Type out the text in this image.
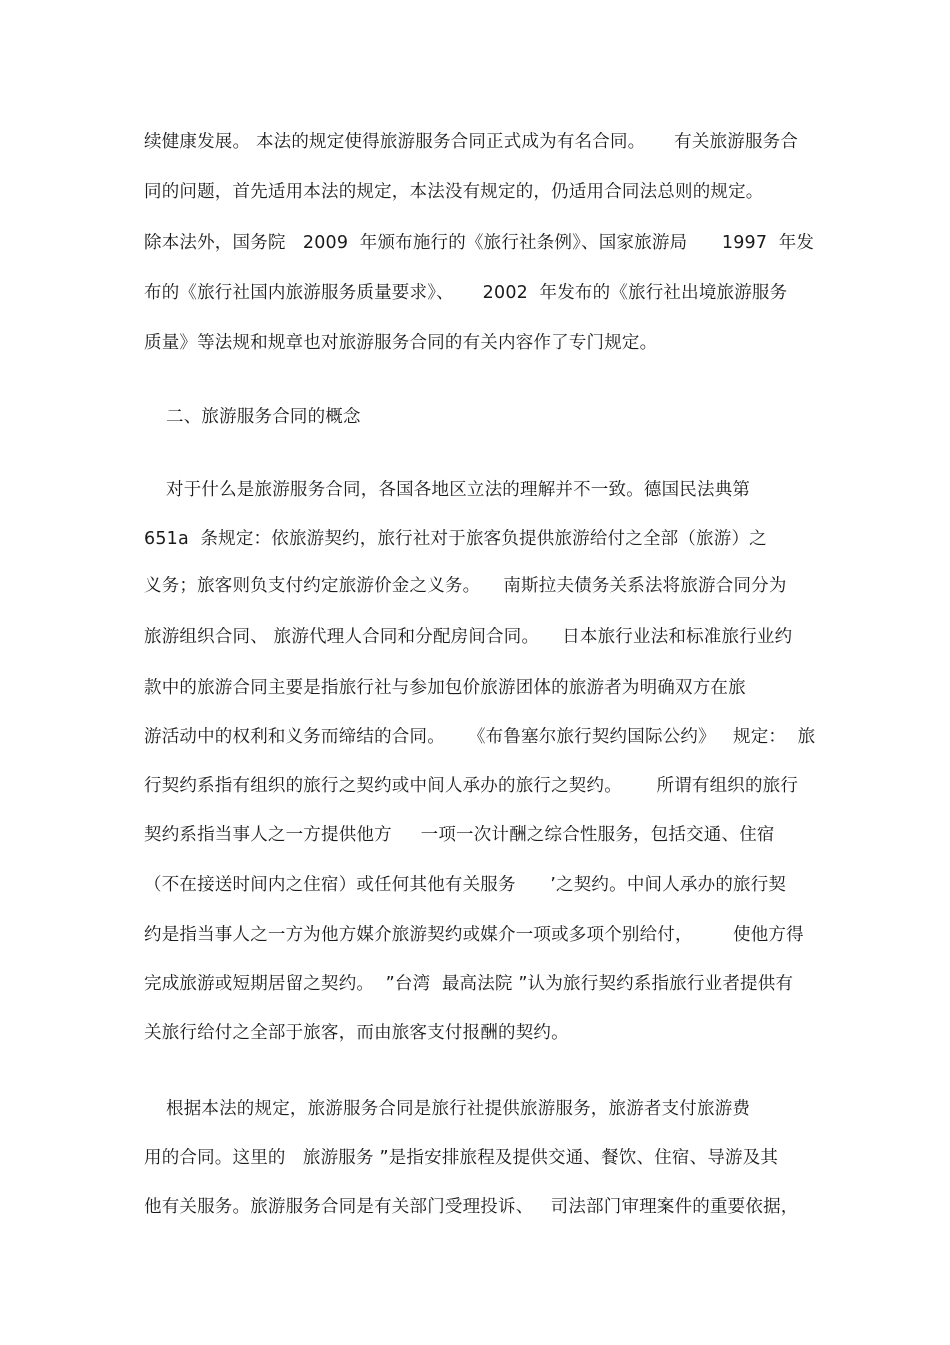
续健康发展。 本法的规定使得旅游服务合同正式成为有名合同。     有关旅游服务合
同的问题，首先适用本法的规定，本法没有规定的，仍适用合同法总则的规定。
除本法外，国务院   2009  年颁布施行的《旅行社条例》、国家旅游局      1997  年发
布的《旅行社国内旅游服务质量要求》、     2002  年发布的《旅行社出境旅游服务
质量》等法规和规章也对旅游服务合同的有关内容作了专门规定。
二、旅游服务合同的概念
对于什么是旅游服务合同，各国各地区立法的理解并不一致。德国民法典第
651a  条规定：依旅游契约，旅行社对于旅客负提供旅游给付之全部（旅游）之
义务；旅客则负支付约定旅游价金之义务。    南斯拉夫债务关系法将旅游合同分为
旅游组织合同、 旅游代理人合同和分配房间合同。    日本旅行业法和标准旅行业约
款中的旅游合同主要是指旅行社与参加包价旅游团体的旅游者为明确双方在旅
游活动中的权利和义务而缔结的合同。    《布鲁塞尔旅行契约国际公约》   规定：  旅
行契约系指有组织的旅行之契约或中间人承办的旅行之契约。      所谓有组织的旅行
契约系指当事人之一方提供他方     一项一次计酬之综合性服务，包括交通、住宿
（不在接送时间内之住宿）或任何其他有关服务      ’之契约。中间人承办的旅行契
约是指当事人之一方为他方媒介旅游契约或媒介一项或多项个别给付，       使他方得
完成旅游或短期居留之契约。  ”台湾  最高法院 ”认为旅行契约系指旅行业者提供有
关旅行给付之全部于旅客，而由旅客支付报酬的契约。
根据本法的规定，旅游服务合同是旅行社提供旅游服务，旅游者支付旅游费
用的合同。这里的   旅游服务 ”是指安排旅程及提供交通、餐饮、住宿、导游及其
他有关服务。旅游服务合同是有关部门受理投诉、   司法部门审理案件的重要依据，
